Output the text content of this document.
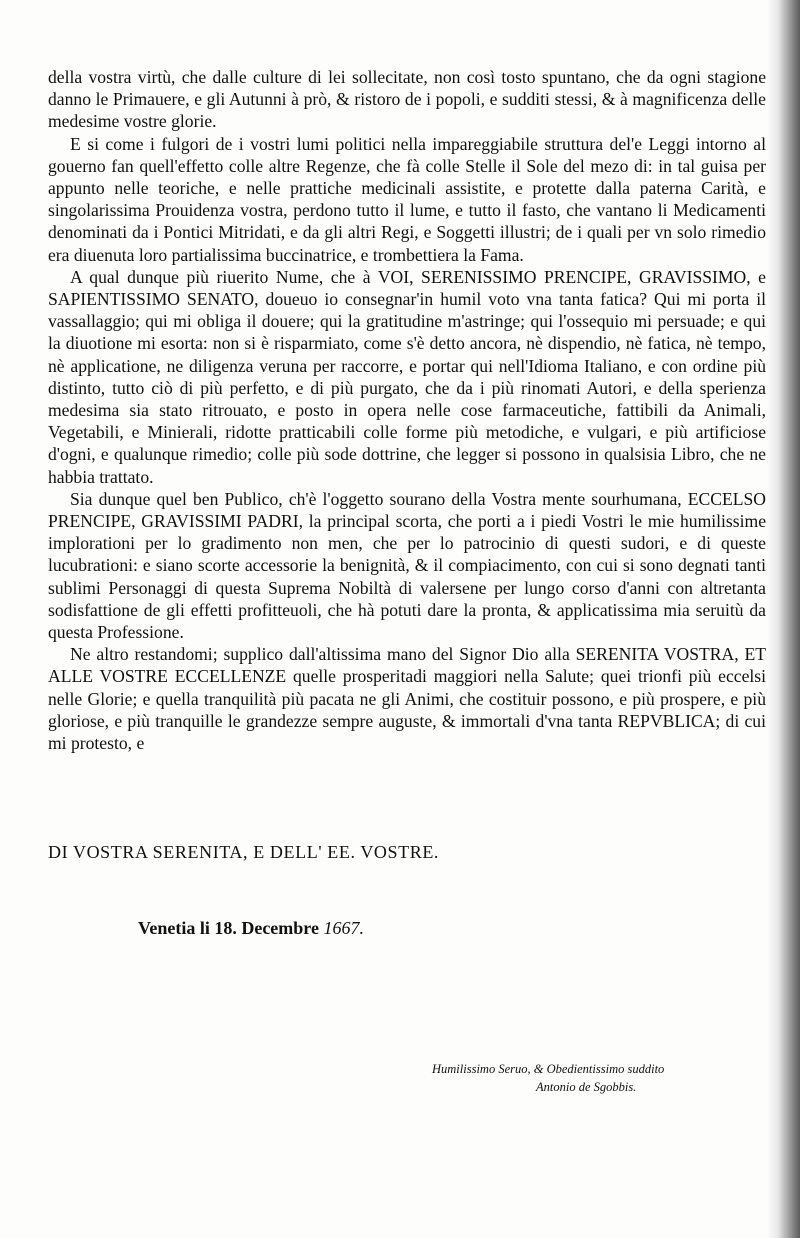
della vostra virtù, che dalle culture di lei sollecitate, non così tosto spuntano, che da ogni stagione danno le Primauere, e gli Autunni à prò, & ristoro de i popoli, e sudditi stessi, & à magnificenza delle medesime vostre glorie.

E si come i fulgori de i vostri lumi politici nella impareggiabile struttura del'e Leggi intorno al gouerno fan quell'effetto colle altre Regenze, che fà colle Stelle il Sole del mezo di: in tal guisa per appunto nelle teoriche, e nelle prattiche medicinali assistite, e protette dalla paterna Carità, e singolarissima Prouidenza vostra, perdono tutto il lume, e tutto il fasto, che vantano li Medicamenti denominati da i Pontici Mitridati, e da gli altri Regi, e Soggetti illustri; de i quali per vn solo rimedio era diuenuta loro partialissima buccinatrice, e trombettiera la Fama.

A qual dunque più riuerito Nume, che à VOI, SERENISSIMO PRENCIPE, GRAVISSIMO, e SAPIENTISSIMO SENATO, doueuo io consegnar'in humil voto vna tanta fatica? Qui mi porta il vassallaggio; qui mi obliga il douere; qui la gratitudine m'astringe; qui l'ossequio mi persuade; e qui la diuotione mi esorta: non si è risparmiato, come s'è detto ancora, nè dispendio, nè fatica, nè tempo, nè applicatione, ne diligenza veruna per raccorre, e portar qui nell'Idioma Italiano, e con ordine più distinto, tutto ciò di più perfetto, e di più purgato, che da i più rinomati Autori, e della sperienza medesima sia stato ritrouato, e posto in opera nelle cose farmaceutiche, fattibili da Animali, Vegetabili, e Minierali, ridotte pratticabili colle forme più metodiche, e vulgari, e più artificiose d'ogni, e qualunque rimedio; colle più sode dottrine, che legger si possono in qualsisia Libro, che ne habbia trattato.

Sia dunque quel ben Publico, ch'è l'oggetto sourano della Vostra mente sourhumana, ECCELSO PRENCIPE, GRAVISSIMI PADRI, la principal scorta, che porti a i piedi Vostri le mie humilissime implorationi per lo gradimento non men, che per lo patrocinio di questi sudori, e di queste lucubrationi: e siano scorte accessorie la benignità, & il compiacimento, con cui si sono degnati tanti sublimi Personaggi di questa Suprema Nobiltà di valersene per lungo corso d'anni con altretanta sodisfattione de gli effetti profitteuoli, che hà potuti dare la pronta, & applicatissima mia seruitù da questa Professione.

Ne altro restandomi; supplico dall'altissima mano del Signor Dio alla SERENITA VOSTRA, ET ALLE VOSTRE ECCELLENZE quelle prosperitadi maggiori nella Salute; quei trionfi più eccelsi nelle Glorie; e quella tranquilità più pacata ne gli Animi, che costituir possono, e più prospere, e più gloriose, e più tranquille le grandezze sempre auguste, & immortali d'vna tanta REPVBLICA; di cui mi protesto, e

DI VOSTRA SERENITA, E DELL' EE. VOSTRE.
Venetia li 18. Decembre 1667.
Humilissimo Seruo, & Obedientissimo suddito
Antonio de Sgobbis.
